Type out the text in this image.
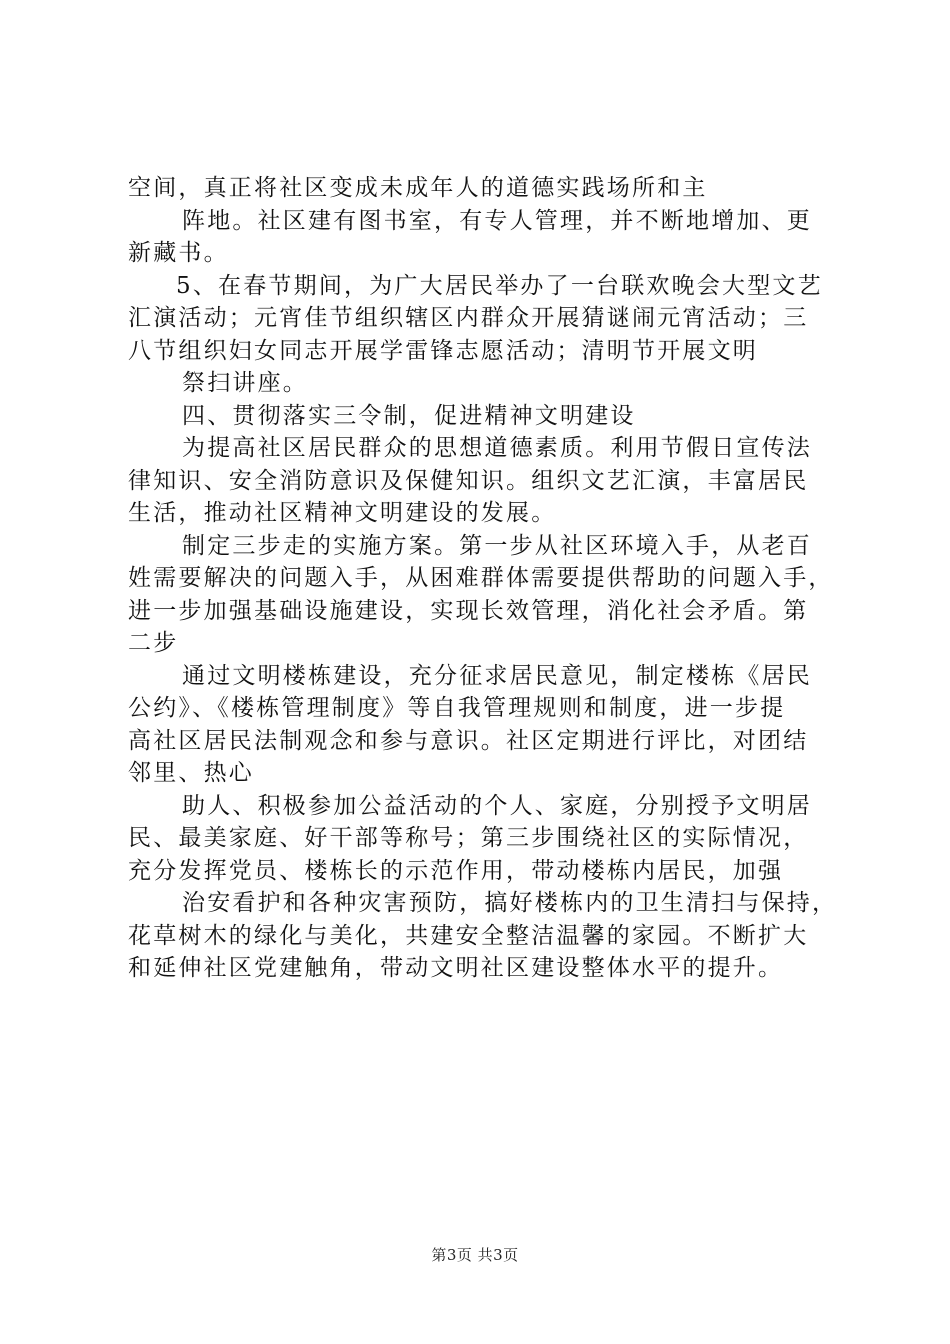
空间，真正将社区变成未成年人的道德实践场所和主
阵地。社区建有图书室，有专人管理，并不断地增加、更
新藏书。
5、在春节期间，为广大居民举办了一台联欢晚会大型文艺
汇演活动；元宵佳节组织辖区内群众开展猜谜闹元宵活动；三
八节组织妇女同志开展学雷锋志愿活动；清明节开展文明
祭扫讲座。
四、贯彻落实三令制，促进精神文明建设
为提高社区居民群众的思想道德素质。利用节假日宣传法
律知识、安全消防意识及保健知识。组织文艺汇演，丰富居民
生活，推动社区精神文明建设的发展。
制定三步走的实施方案。第一步从社区环境入手，从老百
姓需要解决的问题入手，从困难群体需要提供帮助的问题入手，
进一步加强基础设施建设，实现长效管理，消化社会矛盾。第
二步
通过文明楼栋建设，充分征求居民意见，制定楼栋《居民
公约》、《楼栋管理制度》等自我管理规则和制度，进一步提
高社区居民法制观念和参与意识。社区定期进行评比，对团结
邻里、热心
助人、积极参加公益活动的个人、家庭，分别授予文明居
民、最美家庭、好干部等称号；第三步围绕社区的实际情况，
充分发挥党员、楼栋长的示范作用，带动楼栋内居民，加强
治安看护和各种灾害预防，搞好楼栋内的卫生清扫与保持，
花草树木的绿化与美化，共建安全整洁温馨的家园。不断扩大
和延伸社区党建触角，带动文明社区建设整体水平的提升。
第3页 共3页
